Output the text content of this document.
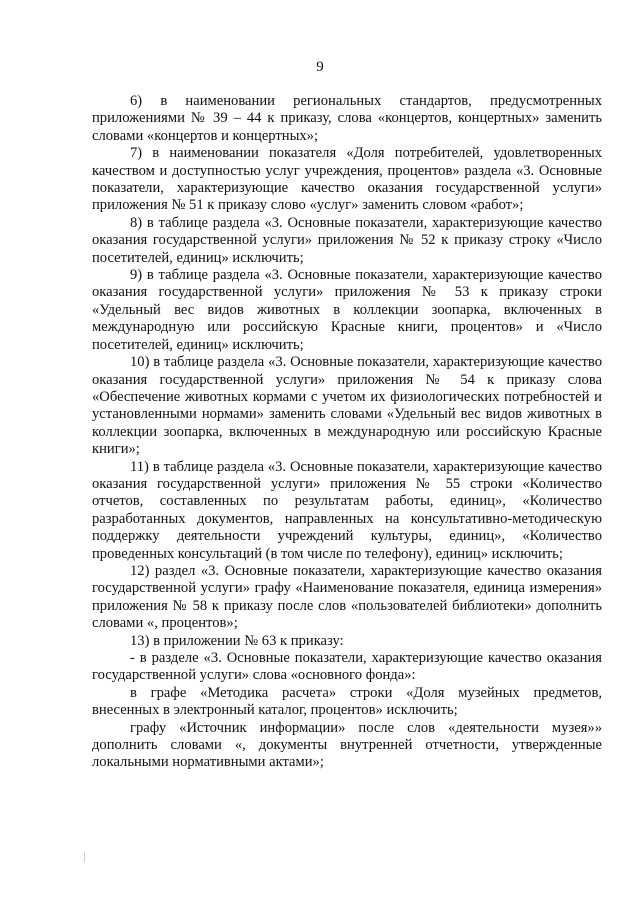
9

6) в наименовании региональных стандартов, предусмотренных приложениями № 39 – 44 к приказу, слова «концертов, концертных» заменить словами «концертов и концертных»;

7) в наименовании показателя «Доля потребителей, удовлетворенных качеством и доступностью услуг учреждения, процентов» раздела «3. Основные показатели, характеризующие качество оказания государственной услуги» приложения № 51 к приказу слово «услуг» заменить словом «работ»;

8) в таблице раздела «3. Основные показатели, характеризующие качество оказания государственной услуги» приложения № 52 к приказу строку «Число посетителей, единиц» исключить;

9) в таблице раздела «3. Основные показатели, характеризующие качество оказания государственной услуги» приложения № 53 к приказу строки «Удельный вес видов животных в коллекции зоопарка, включенных в международную или российскую Красные книги, процентов» и «Число посетителей, единиц» исключить;

10) в таблице раздела «3. Основные показатели, характеризующие качество оказания государственной услуги» приложения № 54 к приказу слова «Обеспечение животных кормами с учетом их физиологических потребностей и установленными нормами» заменить словами «Удельный вес видов животных в коллекции зоопарка, включенных в международную или российскую Красные книги»;

11) в таблице раздела «3. Основные показатели, характеризующие качество оказания государственной услуги» приложения № 55 строки «Количество отчетов, составленных по результатам работы, единиц», «Количество разработанных документов, направленных на консультативно-методическую поддержку деятельности учреждений культуры, единиц», «Количество проведенных консультаций (в том числе по телефону), единиц» исключить;

12) раздел «3. Основные показатели, характеризующие качество оказания государственной услуги» графу «Наименование показателя, единица измерения» приложения № 58 к приказу после слов «пользователей библиотеки» дополнить словами «, процентов»;

13) в приложении № 63 к приказу:

- в разделе «3. Основные показатели, характеризующие качество оказания государственной услуги» слова «основного фонда»:

в графе «Методика расчета» строки «Доля музейных предметов, внесенных в электронный каталог, процентов» исключить;

графу «Источник информации» после слов «деятельности музея»» дополнить словами «, документы внутренней отчетности, утвержденные локальными нормативными актами»;
